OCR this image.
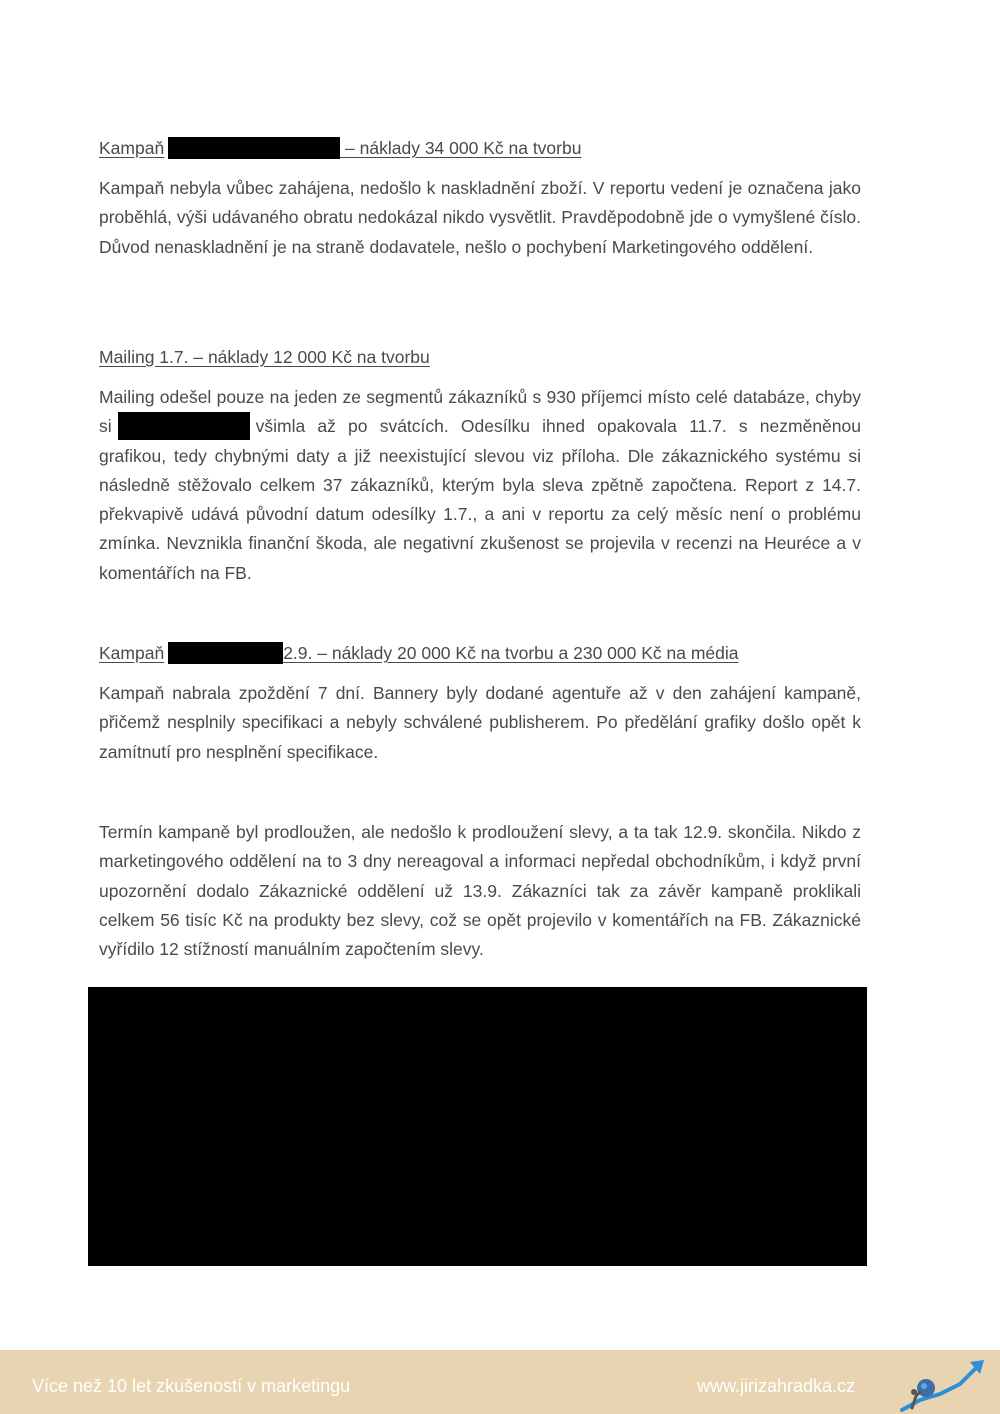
Kampaň	– náklady 34 000 Kč na tvorbu

Kampaň nebyla vůbec zahájena, nedošlo k naskladnění zboží. V reportu vedení je označena jako proběhlá, výši udávaného obratu nedokázal nikdo vysvětlit. Pravděpodobně jde o vymyšlené číslo. Důvod nenaskladnění je na straně dodavatele, nešlo o pochybení Marketingového oddělení.

Mailing 1.7. – náklady 12 000 Kč na tvorbu

Mailing odešel pouze na jeden ze segmentů zákazníků s 930 příjemci místo celé databáze, chyby si	všimla až po svátcích. Odesílku ihned opakovala 11.7. s nezměněnou grafikou, tedy chybnými daty a již neexistující slevou viz příloha. Dle zákaznického systému si následně stěžovalo celkem 37 zákazníků, kterým byla sleva zpětně započtena. Report z 14.7. překvapivě udává původní datum odesílky 1.7., a ani v reportu za celý měsíc není o problému zmínka. Nevznikla finanční škoda, ale negativní zkušenost se projevila v recenzi na Heuréce a v komentářích na FB.

Kampaň	2.9. – náklady 20 000 Kč na tvorbu a 230 000 Kč na média

Kampaň nabrala zpoždění 7 dní. Bannery byly dodané agentuře až v den zahájení kampaně, přičemž nesplnily specifikaci a nebyly schválené publisherem. Po předělání grafiky došlo opět k zamítnutí pro nesplnění specifikace.

Termín kampaně byl prodloužen, ale nedošlo k prodloužení slevy, a ta tak 12.9. skončila. Nikdo z marketingového oddělení na to 3 dny nereagoval a informaci nepředal obchodníkům, i když první upozornění dodalo Zákaznické oddělení už 13.9. Zákazníci tak za závěr kampaně proklikali celkem 56 tisíc Kč na produkty bez slevy, což se opět projevilo v komentářích na FB. Zákaznické vyřídilo 12 stížností manuálním započtením slevy.

Více než 10 let zkušeností v marketingu	www.jirizahradka.cz
